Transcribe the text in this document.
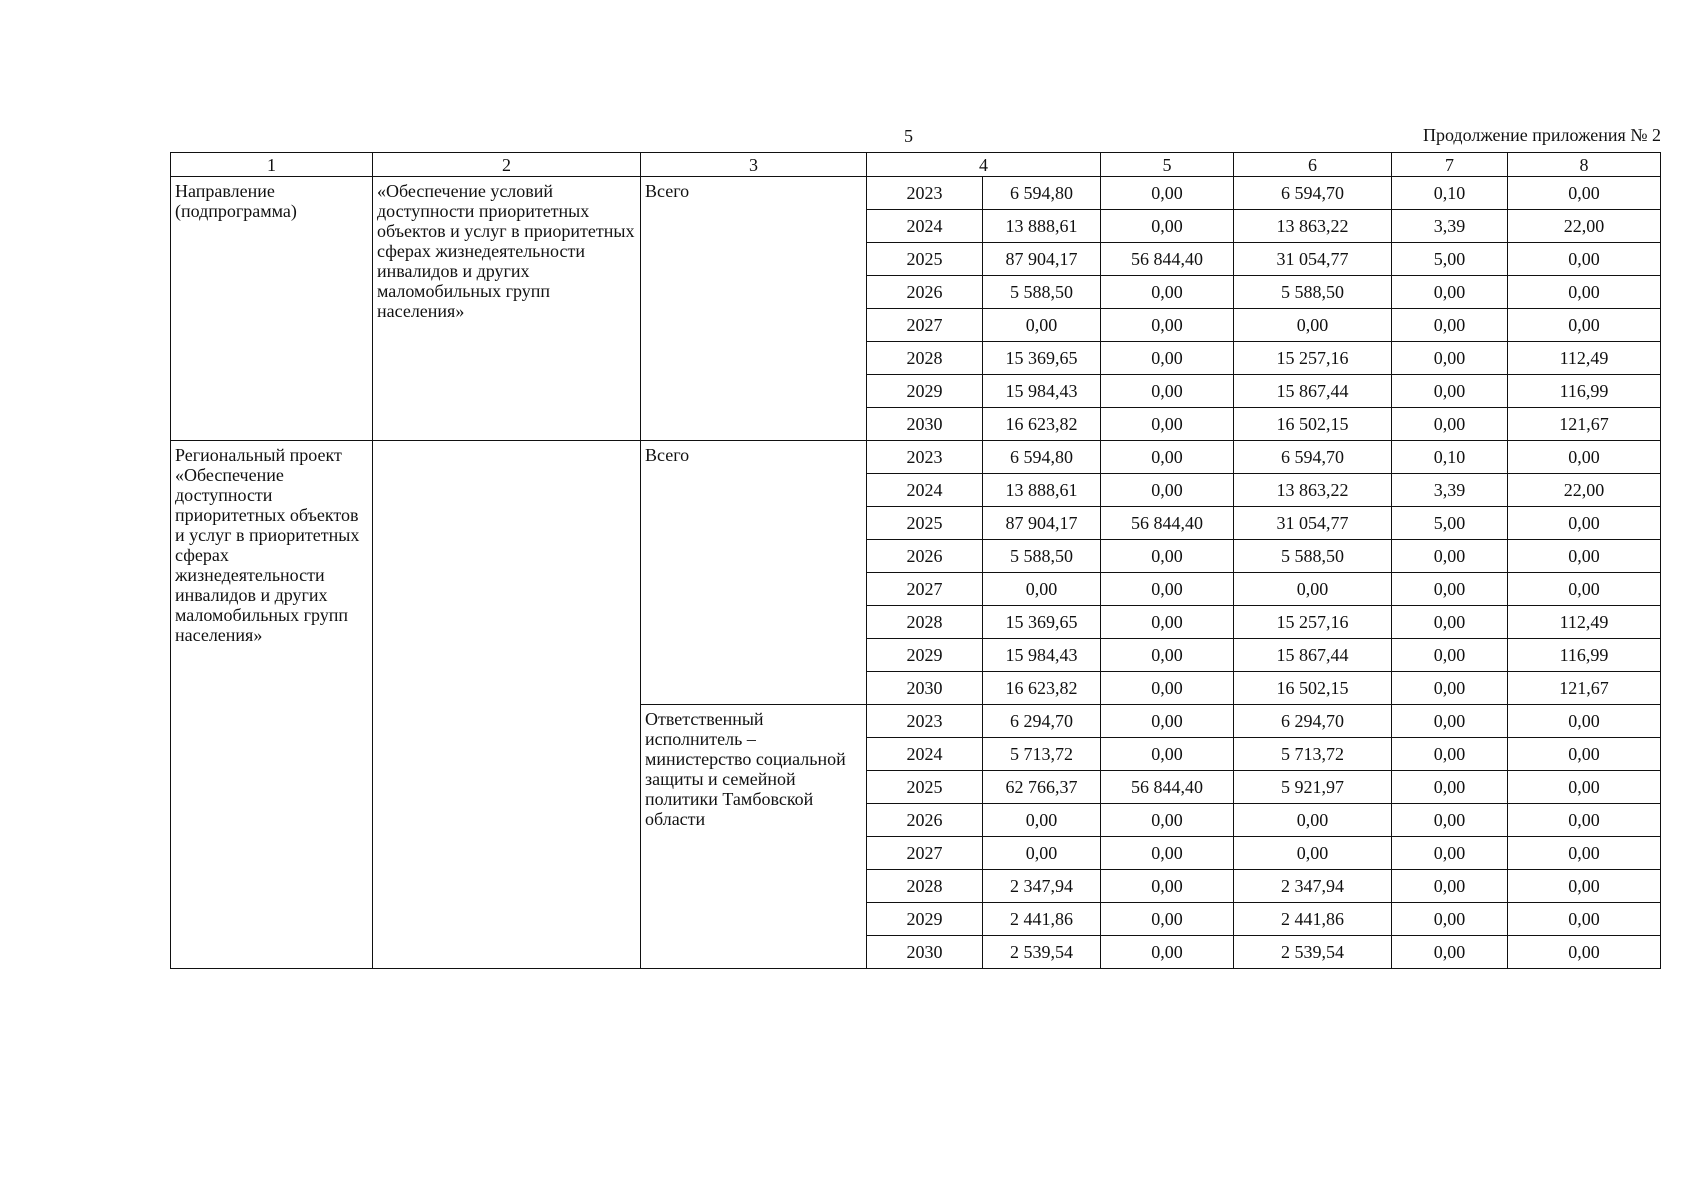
5	Продолжение приложения № 2
1	2	3	4		5	6	7	8
Направление (подпрограмма)	«Обеспечение условий доступности приоритетных объектов и услуг в приоритетных сферах жизнедеятельности инвалидов и других маломобильных групп населения»	Всего	2023	6 594,80	0,00	6 594,70	0,10	0,00
			2024	13 888,61	0,00	13 863,22	3,39	22,00
			2025	87 904,17	56 844,40	31 054,77	5,00	0,00
			2026	5 588,50	0,00	5 588,50	0,00	0,00
			2027	0,00	0,00	0,00	0,00	0,00
			2028	15 369,65	0,00	15 257,16	0,00	112,49
			2029	15 984,43	0,00	15 867,44	0,00	116,99
			2030	16 623,82	0,00	16 502,15	0,00	121,67
Региональный проект «Обеспечение доступности приоритетных объектов и услуг в приоритетных сферах жизнедеятельности инвалидов и других маломобильных групп населения»		Всего	2023	6 594,80	0,00	6 594,70	0,10	0,00
			2024	13 888,61	0,00	13 863,22	3,39	22,00
			2025	87 904,17	56 844,40	31 054,77	5,00	0,00
			2026	5 588,50	0,00	5 588,50	0,00	0,00
			2027	0,00	0,00	0,00	0,00	0,00
			2028	15 369,65	0,00	15 257,16	0,00	112,49
			2029	15 984,43	0,00	15 867,44	0,00	116,99
			2030	16 623,82	0,00	16 502,15	0,00	121,67
		Ответственный исполнитель – министерство социальной защиты и семейной политики Тамбовской области	2023	6 294,70	0,00	6 294,70	0,00	0,00
			2024	5 713,72	0,00	5 713,72	0,00	0,00
			2025	62 766,37	56 844,40	5 921,97	0,00	0,00
			2026	0,00	0,00	0,00	0,00	0,00
			2027	0,00	0,00	0,00	0,00	0,00
			2028	2 347,94	0,00	2 347,94	0,00	0,00
			2029	2 441,86	0,00	2 441,86	0,00	0,00
			2030	2 539,54	0,00	2 539,54	0,00	0,00
